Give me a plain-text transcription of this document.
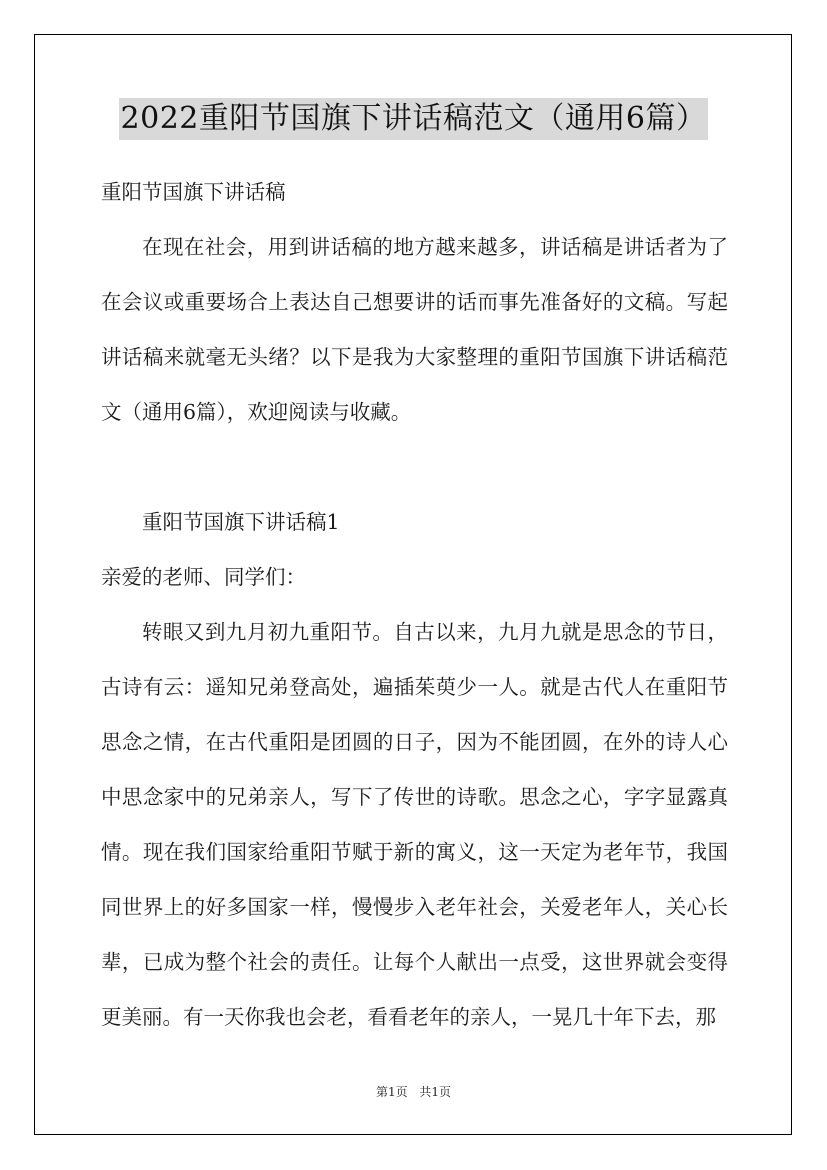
2022重阳节国旗下讲话稿范文（通用6篇）

重阳节国旗下讲话稿

在现在社会，用到讲话稿的地方越来越多，讲话稿是讲话者为了在会议或重要场合上表达自己想要讲的话而事先准备好的文稿。写起讲话稿来就毫无头绪？以下是我为大家整理的重阳节国旗下讲话稿范文（通用6篇），欢迎阅读与收藏。

重阳节国旗下讲话稿1

亲爱的老师、同学们：

转眼又到九月初九重阳节。自古以来，九月九就是思念的节日，古诗有云：遥知兄弟登高处，遍插茱萸少一人。就是古代人在重阳节思念之情，在古代重阳是团圆的日子，因为不能团圆，在外的诗人心中思念家中的兄弟亲人，写下了传世的诗歌。思念之心，字字显露真情。现在我们国家给重阳节赋于新的寓义，这一天定为老年节，我国同世界上的好多国家一样，慢慢步入老年社会，关爱老年人，关心长辈，已成为整个社会的责任。让每个人献出一点受，这世界就会变得更美丽。有一天你我也会老，看看老年的亲人，一晃几十年下去，那

第1页 共1页
